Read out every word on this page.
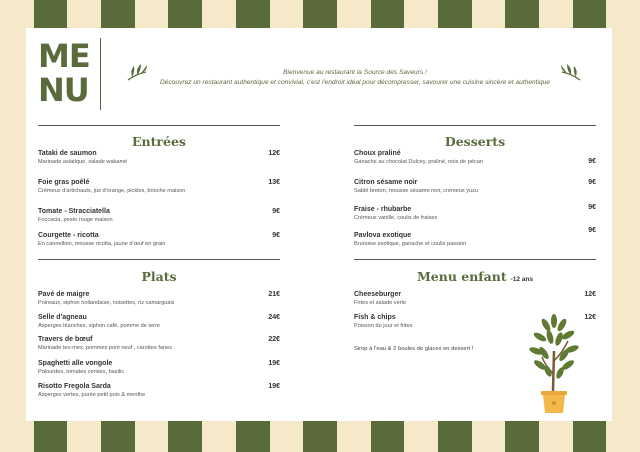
ME
NU	Bienvenue au restaurant la Source des Saveurs !
Découvrez un restaurant authentique et convivial, c'est l'endroit idéal pour décompresser, savourer une cuisine sincère et authentique
Entrées
Tataki de saumon
Marinade asiatique, salade wakamé
12€
Foie gras poêlé
Crémeux d'artichauts, jus d'orange, pickles, brioche maison
13€
Tomate - Stracciatella
Foccacia, pesto rouge maison
9€
Courgette - ricotta
En cannelloni, mousse ricotta, jaune d'œuf en grain
9€
Desserts
Choux praliné
Ganache au chocolat Dulcey, praliné, noix de pécan	9€
Citron sésame noir
Sablé breton, mousse sésame noir, crémeux yuzu
9€
Fraise - rhubarbe
Crémeux vanille, coulis de fraises
9€
Pavlova exotique
Brunoise exotique, ganache et coulis passion
9€
Plats
Pavé de maigre
Poireaux, siphon hollandaise, noisettes, riz camarguais
21€
Selle d'agneau
Asperges blanches, siphon café, pomme de terre
24€
Travers de bœuf
Marinade tex-mex, pommes pont neuf , carottes fanes
22€
Spaghetti alle vongole
Palourdes, tomates cerises, basilic
19€
Risotto Fregola Sarda
Asperges vertes, purée petit pois & menthe
19€
Menu enfant -12 ans
Cheeseburger
Frites et salade verte
12€
Fish & chips
Poisson du jour et frites
12€
Sirop à l'eau & 2 boules de glaces en dessert !
